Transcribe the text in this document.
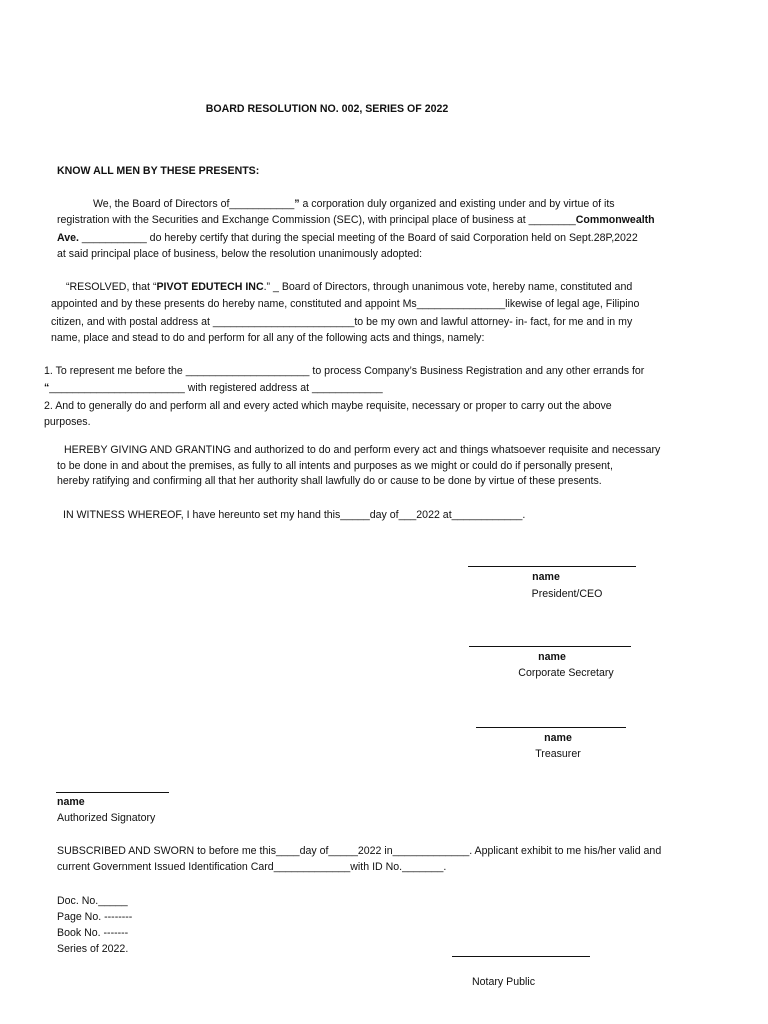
BOARD RESOLUTION NO. 002, SERIES OF 2022
KNOW ALL MEN BY THESE PRESENTS:
We, the Board of Directors of___________” a corporation duly organized and existing under and by virtue of its
registration with the Securities and Exchange Commission (SEC), with principal place of business at ________Commonwealth
Ave. ___________ do hereby certify that during the special meeting of the Board of said Corporation held on Sept.28P,2022
at said principal place of business, below the resolution unanimously adopted:
“RESOLVED, that “PIVOT EDUTECH INC.” _ Board of Directors, through unanimous vote, hereby name, constituted and
appointed and by these presents do hereby name, constituted and appoint Ms_______________likewise of legal age, Filipino
citizen, and with postal address at ________________________to be my own and lawful attorney- in- fact, for me and in my
name, place and stead to do and perform for all any of the following acts and things, namely:
1. To represent me before the _____________________ to process Company’s Business Registration and any other errands for
“_______________________ with registered address at ____________
2. And to generally do and perform all and every acted which maybe requisite, necessary or proper to carry out the above
purposes.
HEREBY GIVING AND GRANTING and authorized to do and perform every act and things whatsoever requisite and necessary
to be done in and about the premises, as fully to all intents and purposes as we might or could do if personally present,
hereby ratifying and confirming all that her authority shall lawfully do or cause to be done by virtue of these presents.
IN WITNESS WHEREOF, I have hereunto set my hand this_____day of___2022 at____________.
name
President/CEO
name
Corporate Secretary
name
Treasurer
name
Authorized Signatory
SUBSCRIBED AND SWORN to before me this____day of_____2022 in_____________. Applicant exhibit to me his/her valid and
current Government Issued Identification Card_____________with ID No._______.
Doc. No._____
Page No. --------
Book No. -------
Series of 2022.
Notary Public
